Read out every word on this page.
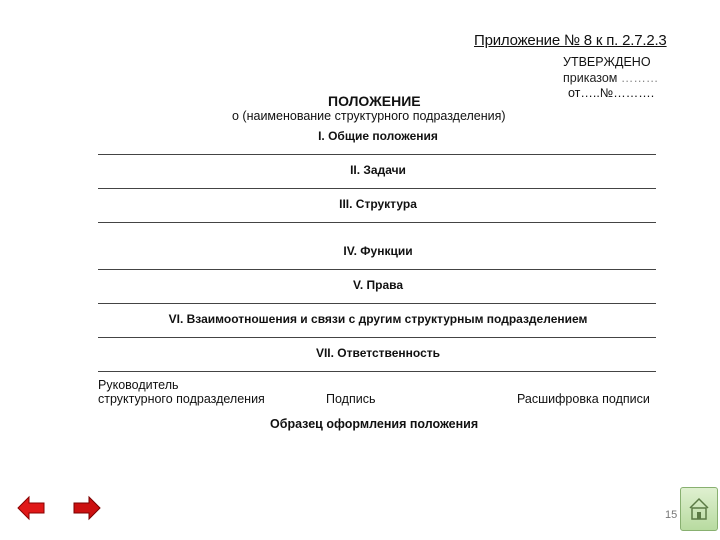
Приложение № 8 к п. 2.7.2.3
УТВЕРЖДЕНО
приказом ………
от…..№……….
ПОЛОЖЕНИЕ
о (наименование структурного подразделения)
I. Общие положения
II. Задачи
III. Структура
IV. Функции
V. Права
VI. Взаимоотношения и связи с другим структурным подразделением
VII. Ответственность
Руководитель
структурного подразделения	Подпись	Расшифровка подписи
Образец оформления положения
15
